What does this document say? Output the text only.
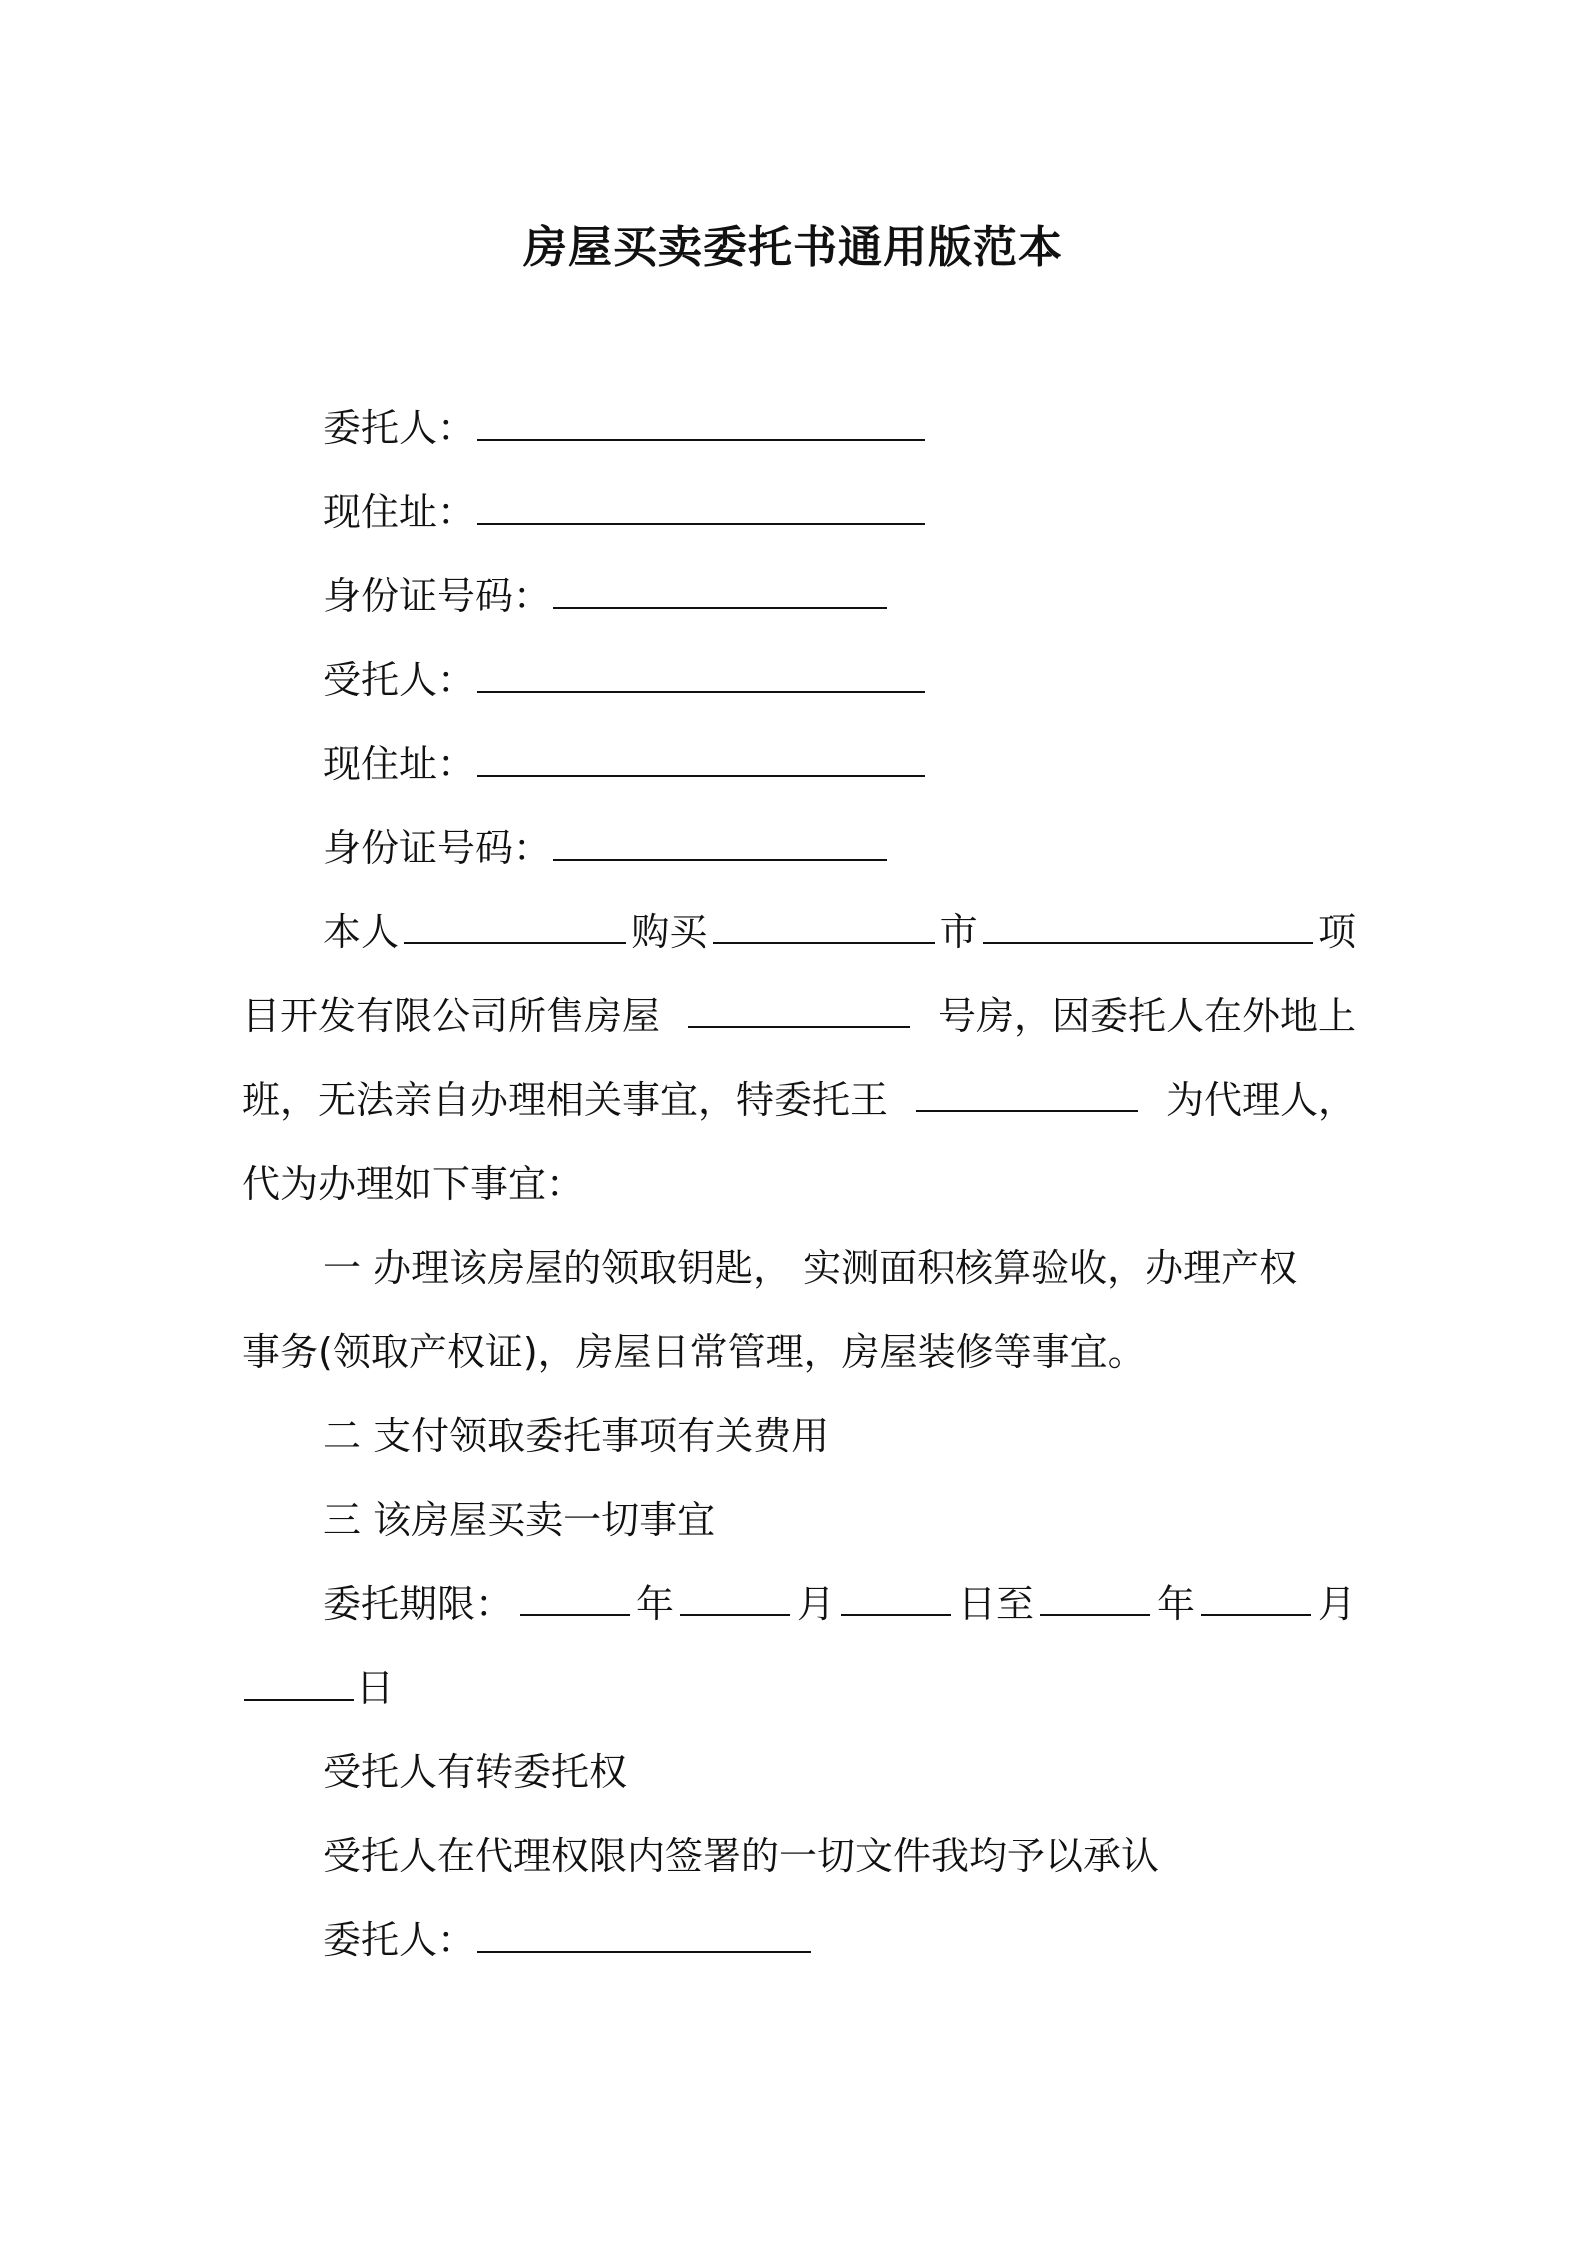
房屋买卖委托书通用版范本

委托人：

现住址：

身份证号码：

受托人：

现住址：

身份证号码：

本人	购买	市	项
目开发有限公司所售房屋	号房，因委托人在外地上
班，无法亲自办理相关事宜，特委托王	为代理人，

代为办理如下事宜：

一 办理该房屋的领取钥匙， 实测面积核算验收，办理产权

事务(领取产权证)，房屋日常管理，房屋装修等事宜。

二 支付领取委托事项有关费用

三 该房屋买卖一切事宜

委托期限：	年	月	日至	年	月

日

受托人有转委托权

受托人在代理权限内签署的一切文件我均予以承认

委托人：
